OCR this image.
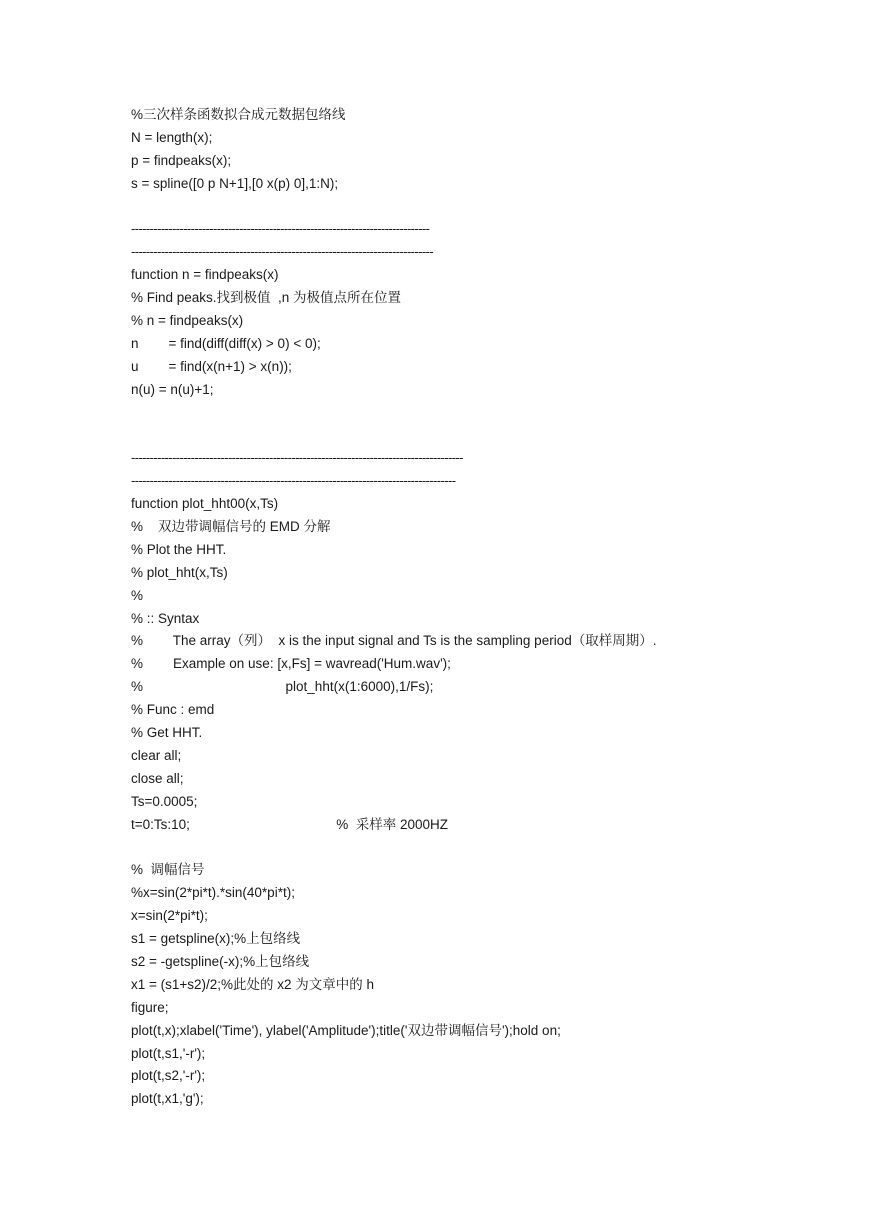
%三次样条函数拟合成元数据包络线
N = length(x);
p = findpeaks(x);
s = spline([0 p N+1],[0 x(p) 0],1:N);
--------------------------------------------------------------------------------
---------------------------------------------------------------------------------
function n = findpeaks(x)
% Find peaks.找到极值  ,n 为极值点所在位置
% n = findpeaks(x)
n        = find(diff(diff(x) > 0) < 0);
u        = find(x(n+1) > x(n));
n(u) = n(u)+1;
-----------------------------------------------------------------------------------------
---------------------------------------------------------------------------------------
function plot_hht00(x,Ts)
%    双边带调幅信号的 EMD 分解
% Plot the HHT.
% plot_hht(x,Ts)
%
% :: Syntax
%        The array（列）  x is the input signal and Ts is the sampling period（取样周期）.
%        Example on use: [x,Fs] = wavread('Hum.wav');
%                                      plot_hht(x(1:6000),1/Fs);
% Func : emd
% Get HHT.
clear all;
close all;
Ts=0.0005;
t=0:Ts:10;                                       %  采样率 2000HZ
%  调幅信号
%x=sin(2*pi*t).*sin(40*pi*t);
x=sin(2*pi*t);
s1 = getspline(x);%上包络线
s2 = -getspline(-x);%上包络线
x1 = (s1+s2)/2;%此处的 x2 为文章中的 h
figure;
plot(t,x);xlabel('Time'), ylabel('Amplitude');title('双边带调幅信号');hold on;
plot(t,s1,'-r');
plot(t,s2,'-r');
plot(t,x1,'g');
